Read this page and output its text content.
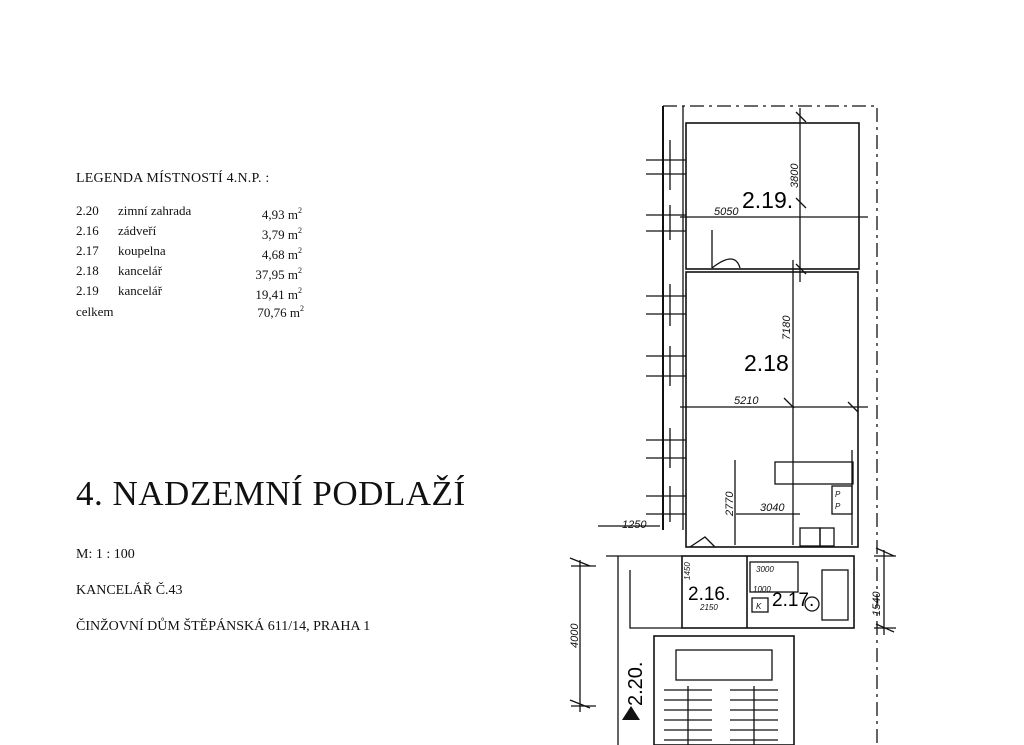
LEGENDA MÍSTNOSTÍ 4.N.P. :
2.20	zimní zahrada	4,93 $m^2$
2.16	zádveří	3,79 $m^2$
2.17	koupelna	4,68 $m^2$
2.18	kancelář	37,95 $m^2$
2.19	kancelář	19,41 $m^2$
celkem	70,76 $m^2$
4. NADZEMNÍ PODLAŽÍ
M: 1 : 100
KANCELÁŘ Č.43
ČINŽOVNÍ DŮM ŠTĚPÁNSKÁ 611/14, PRAHA 1
2.19.
2.18
2.16. 2.17.
2.20.
5050
3800
7180
5210
2770 3040
1250
4000
1540
2150
3000
1000
1450
K
P
P
